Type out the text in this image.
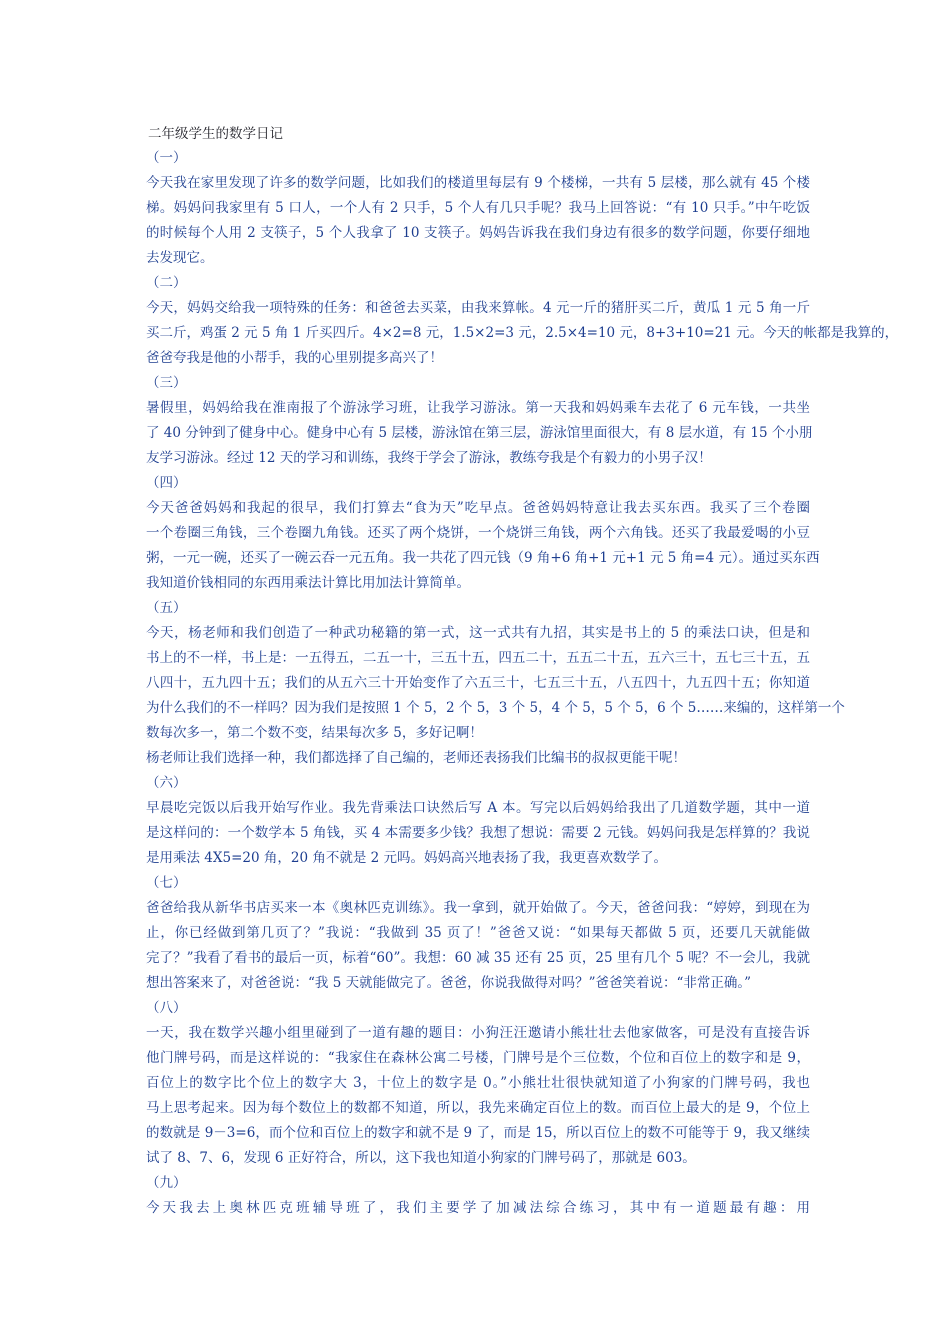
二年级学生的数学日记
（一）

今天我在家里发现了许多的数学问题，比如我们的楼道里每层有 9 个楼梯，一共有 5 层楼，那么就有 45 个楼

梯。妈妈问我家里有 5 口人，一个人有 2 只手，5 个人有几只手呢？我马上回答说：“有 10 只手。”中午吃饭

的时候每个人用 2 支筷子，5 个人我拿了 10 支筷子。妈妈告诉我在我们身边有很多的数学问题，你要仔细地

去发现它。

（二）

今天，妈妈交给我一项特殊的任务：和爸爸去买菜，由我来算帐。4 元一斤的猪肝买二斤，黄瓜 1 元 5 角一斤

买二斤，鸡蛋 2 元 5 角 1 斤买四斤。4×2=8 元，1.5×2=3 元，2.5×4=10 元，8+3+10=21 元。今天的帐都是我算的，

爸爸夸我是他的小帮手，我的心里别提多高兴了！

（三）

暑假里，妈妈给我在淮南报了个游泳学习班，让我学习游泳。第一天我和妈妈乘车去花了 6 元车钱，一共坐

了 40 分钟到了健身中心。健身中心有 5 层楼，游泳馆在第三层，游泳馆里面很大，有 8 层水道，有 15 个小朋

友学习游泳。经过 12 天的学习和训练，我终于学会了游泳，教练夸我是个有毅力的小男子汉！

（四）

今天爸爸妈妈和我起的很早，我们打算去“食为天”吃早点。爸爸妈妈特意让我去买东西。我买了三个卷圈

一个卷圈三角钱，三个卷圈九角钱。还买了两个烧饼，一个烧饼三角钱，两个六角钱。还买了我最爱喝的小豆

粥，一元一碗，还买了一碗云吞一元五角。我一共花了四元钱（9 角+6 角+1 元+1 元 5 角=4 元）。通过买东西

我知道价钱相同的东西用乘法计算比用加法计算简单。

（五）

今天，杨老师和我们创造了一种武功秘籍的第一式，这一式共有九招，其实是书上的 5 的乘法口诀，但是和

书上的不一样，书上是：一五得五，二五一十，三五十五，四五二十，五五二十五，五六三十，五七三十五，五

八四十，五九四十五；我们的从五六三十开始变作了六五三十，七五三十五，八五四十，九五四十五；你知道

为什么我们的不一样吗？因为我们是按照 1 个 5，2 个 5，3 个 5，4 个 5，5 个 5，6 个 5……来编的，这样第一个

数每次多一，第二个数不变，结果每次多 5，多好记啊！

杨老师让我们选择一种，我们都选择了自己编的，老师还表扬我们比编书的叔叔更能干呢！

（六）

早晨吃完饭以后我开始写作业。我先背乘法口诀然后写 A 本。写完以后妈妈给我出了几道数学题，其中一道

是这样问的：一个数学本 5 角钱，买 4 本需要多少钱？我想了想说：需要 2 元钱。妈妈问我是怎样算的？我说

是用乘法 4X5=20 角，20 角不就是 2 元吗。妈妈高兴地表扬了我，我更喜欢数学了。

（七）

爸爸给我从新华书店买来一本《奥林匹克训练》。我一拿到，就开始做了。今天，爸爸问我：“婷婷，到现在为

止，你已经做到第几页了？”我说：“我做到 35 页了！”爸爸又说：“如果每天都做 5 页，还要几天就能做

完了？”我看了看书的最后一页，标着“60”。我想：60 减 35 还有 25 页，25 里有几个 5 呢？不一会儿，我就

想出答案来了，对爸爸说：“我 5 天就能做完了。爸爸，你说我做得对吗？”爸爸笑着说：“非常正确。”

（八）

一天，我在数学兴趣小组里碰到了一道有趣的题目：小狗汪汪邀请小熊壮壮去他家做客，可是没有直接告诉

他门牌号码，而是这样说的：“我家住在森林公寓二号楼，门牌号是个三位数，个位和百位上的数字和是 9，

百位上的数字比个位上的数字大 3，十位上的数字是 0。”小熊壮壮很快就知道了小狗家的门牌号码，我也

马上思考起来。因为每个数位上的数都不知道，所以，我先来确定百位上的数。而百位上最大的是 9，个位上

的数就是 9－3=6，而个位和百位上的数字和就不是 9 了，而是 15，所以百位上的数不可能等于 9，我又继续

试了 8、7、6，发现 6 正好符合，所以，这下我也知道小狗家的门牌号码了，那就是 603。

（九）

今天我去上奥林匹克班辅导班了，我们主要学了加减法综合练习，其中有一道题最有趣：用
